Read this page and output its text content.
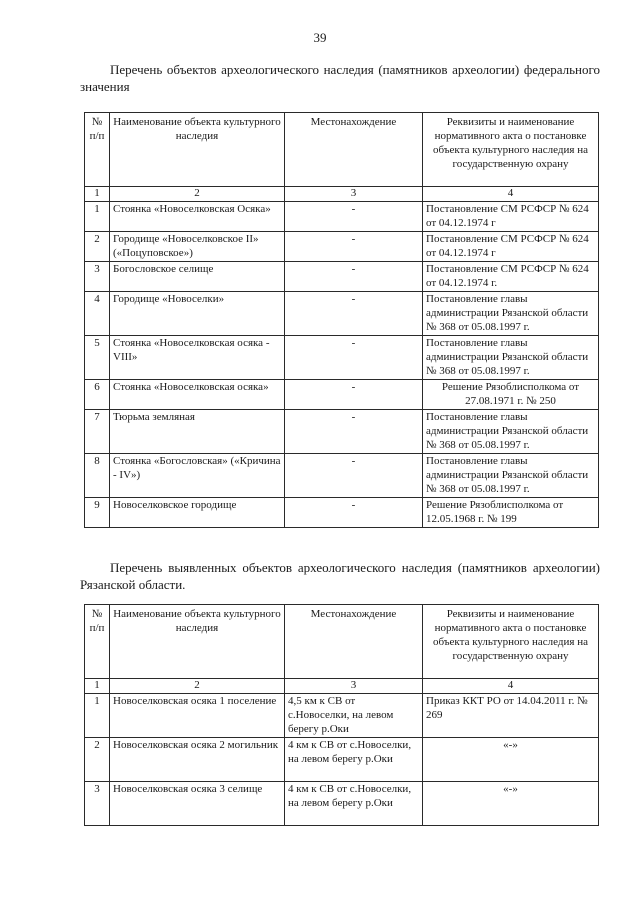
39
Перечень объектов археологического наследия (памятников археологии) федерального значения
№ п/п	Наименование объекта культурного наследия	Местонахождение	Реквизиты и наименование нормативного акта о постановке объекта культурного наследия на государственную охрану
1	2	3	4
1	Стоянка «Новоселковская Осяка»	-	Постановление СМ РСФСР № 624 от 04.12.1974 г
2	Городище «Новоселковское II» («Поцуповское»)	-	Постановление СМ РСФСР № 624 от 04.12.1974 г
3	Богословское селище	-	Постановление СМ РСФСР № 624 от 04.12.1974 г.
4	Городище «Новоселки»	-	Постановление главы администрации Рязанской области № 368 от 05.08.1997 г.
5	Стоянка «Новоселковская осяка - VIII»	-	Постановление главы администрации Рязанской области № 368 от 05.08.1997 г.
6	Стоянка «Новоселковская осяка»	-	Решение Рязоблисполкома от 27.08.1971 г. № 250
7	Тюрьма земляная	-	Постановление главы администрации Рязанской области № 368 от 05.08.1997 г.
8	Стоянка «Богословская» («Кричина - IV»)	-	Постановление главы администрации Рязанской области № 368 от 05.08.1997 г.
9	Новоселковское городище	-	Решение Рязоблисполкома от 12.05.1968 г. № 199
Перечень выявленных объектов археологического наследия (памятников археологии) Рязанской области.
№ п/п	Наименование объекта культурного наследия	Местонахождение	Реквизиты и наименование нормативного акта о постановке объекта культурного наследия на государственную охрану
1	2	3	4
1	Новоселковская осяка 1 поселение	4,5 км к СВ от с.Новоселки, на левом берегу р.Оки	Приказ ККТ РО от 14.04.2011 г. № 269
2	Новоселковская осяка 2 могильник	4 км к СВ от с.Новоселки, на левом берегу р.Оки	«-»
3	Новоселковская осяка 3 селище	4 км к СВ от с.Новоселки, на левом берегу р.Оки	«-»
